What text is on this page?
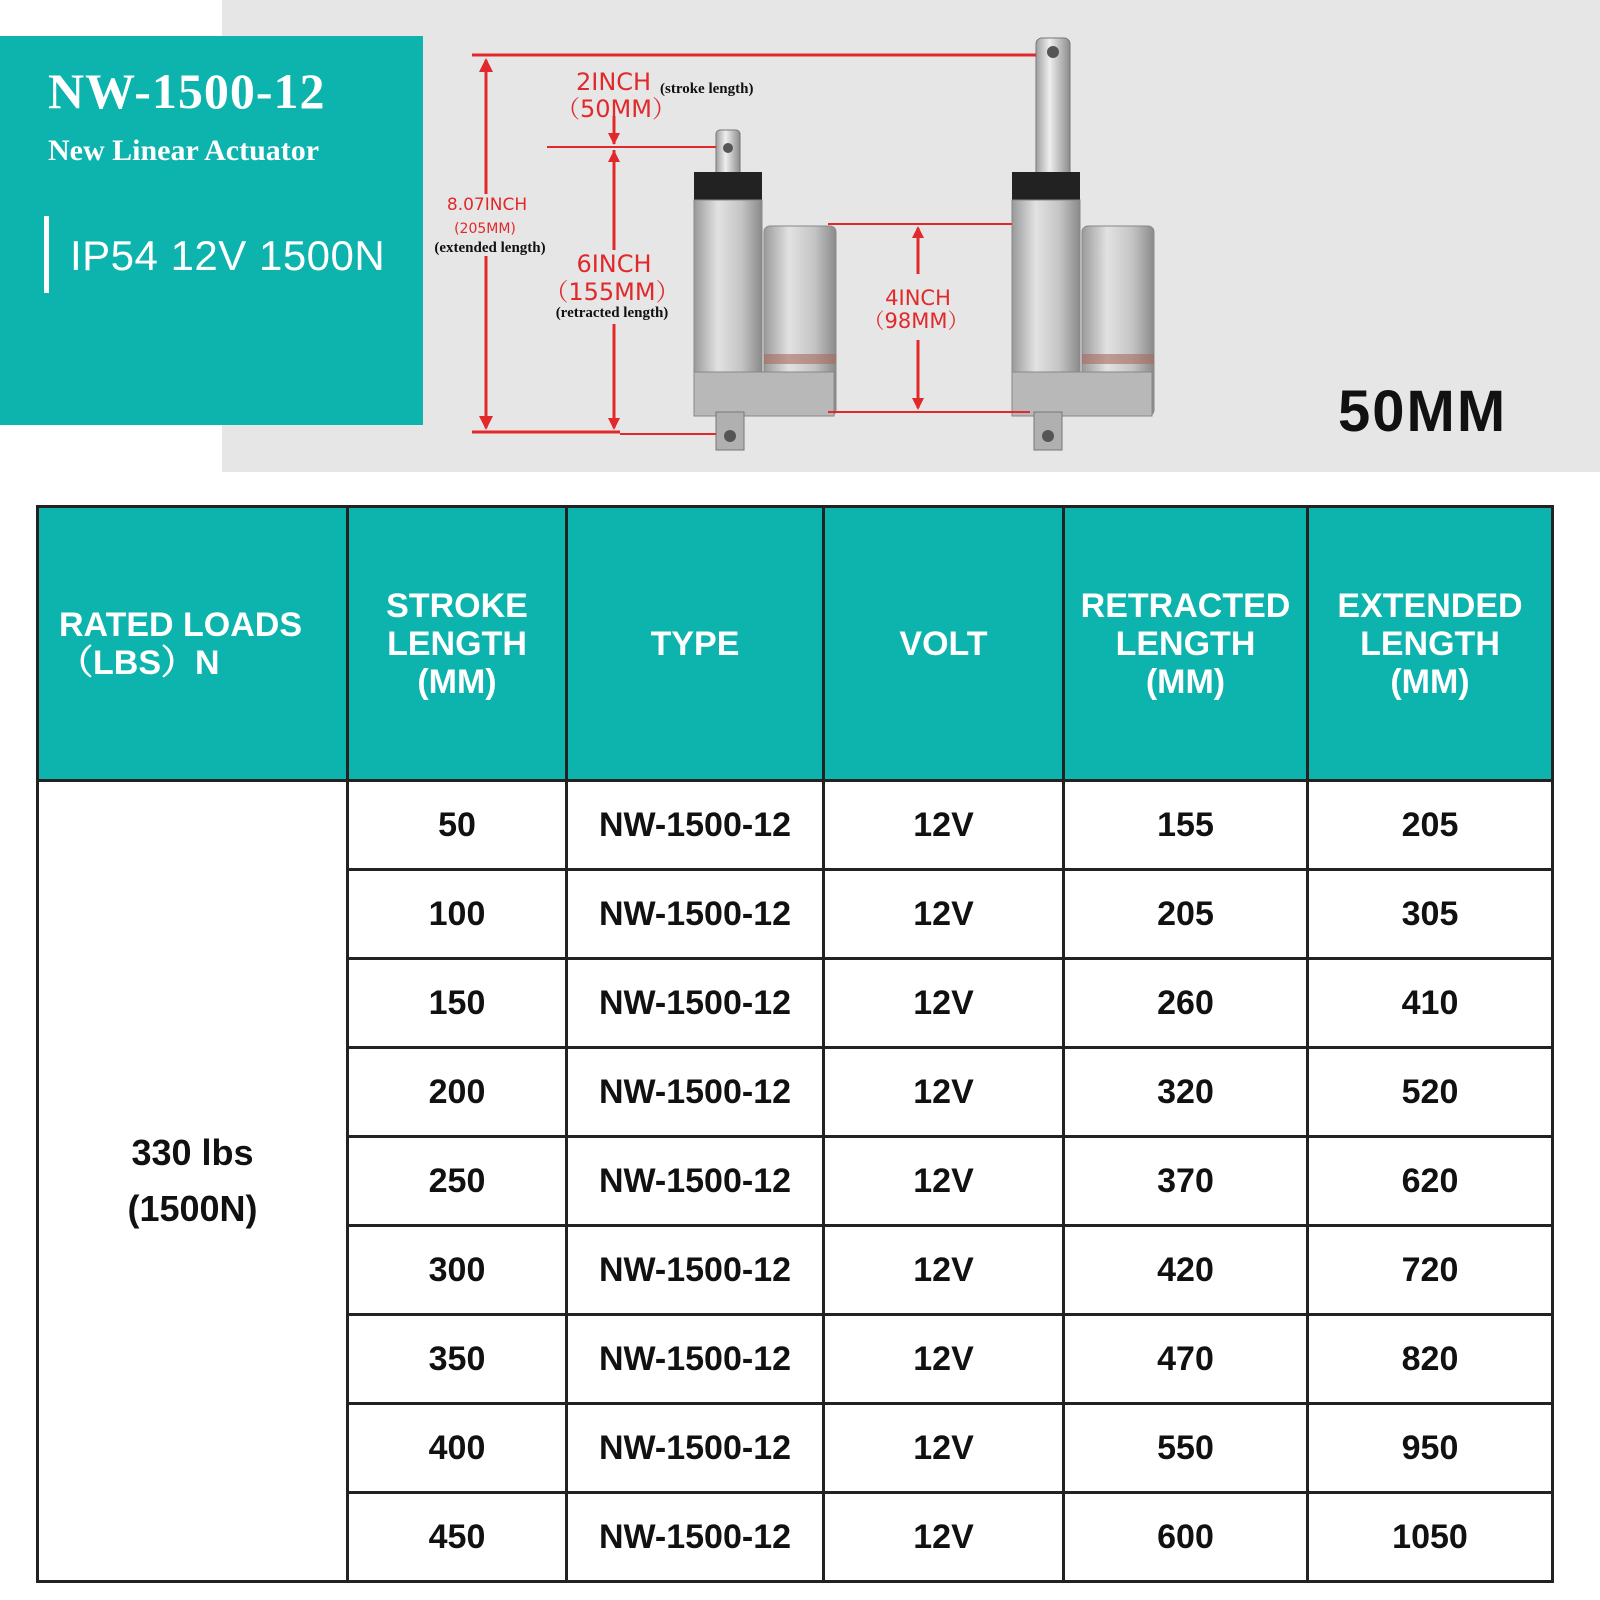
NW-1500-12
New Linear Actuator
IP54 12V 1500N
2INCH (stroke length)
（50MM）
8.07INCH
(205MM)
(extended length)
6INCH
（155MM）
(retracted length)
4INCH
（98MM）
50MM
RATED LOADS
（LBS）N	STROKE
LENGTH
(MM)	TYPE	VOLT	RETRACTED
LENGTH
(MM)	EXTENDED
LENGTH
(MM)

330 lbs
(1500N)	50	NW-1500-12	12V	155	205
	100	NW-1500-12	12V	205	305
	150	NW-1500-12	12V	260	410
	200	NW-1500-12	12V	320	520
	250	NW-1500-12	12V	370	620
	300	NW-1500-12	12V	420	720
	350	NW-1500-12	12V	470	820
	400	NW-1500-12	12V	550	950
	450	NW-1500-12	12V	600	1050
